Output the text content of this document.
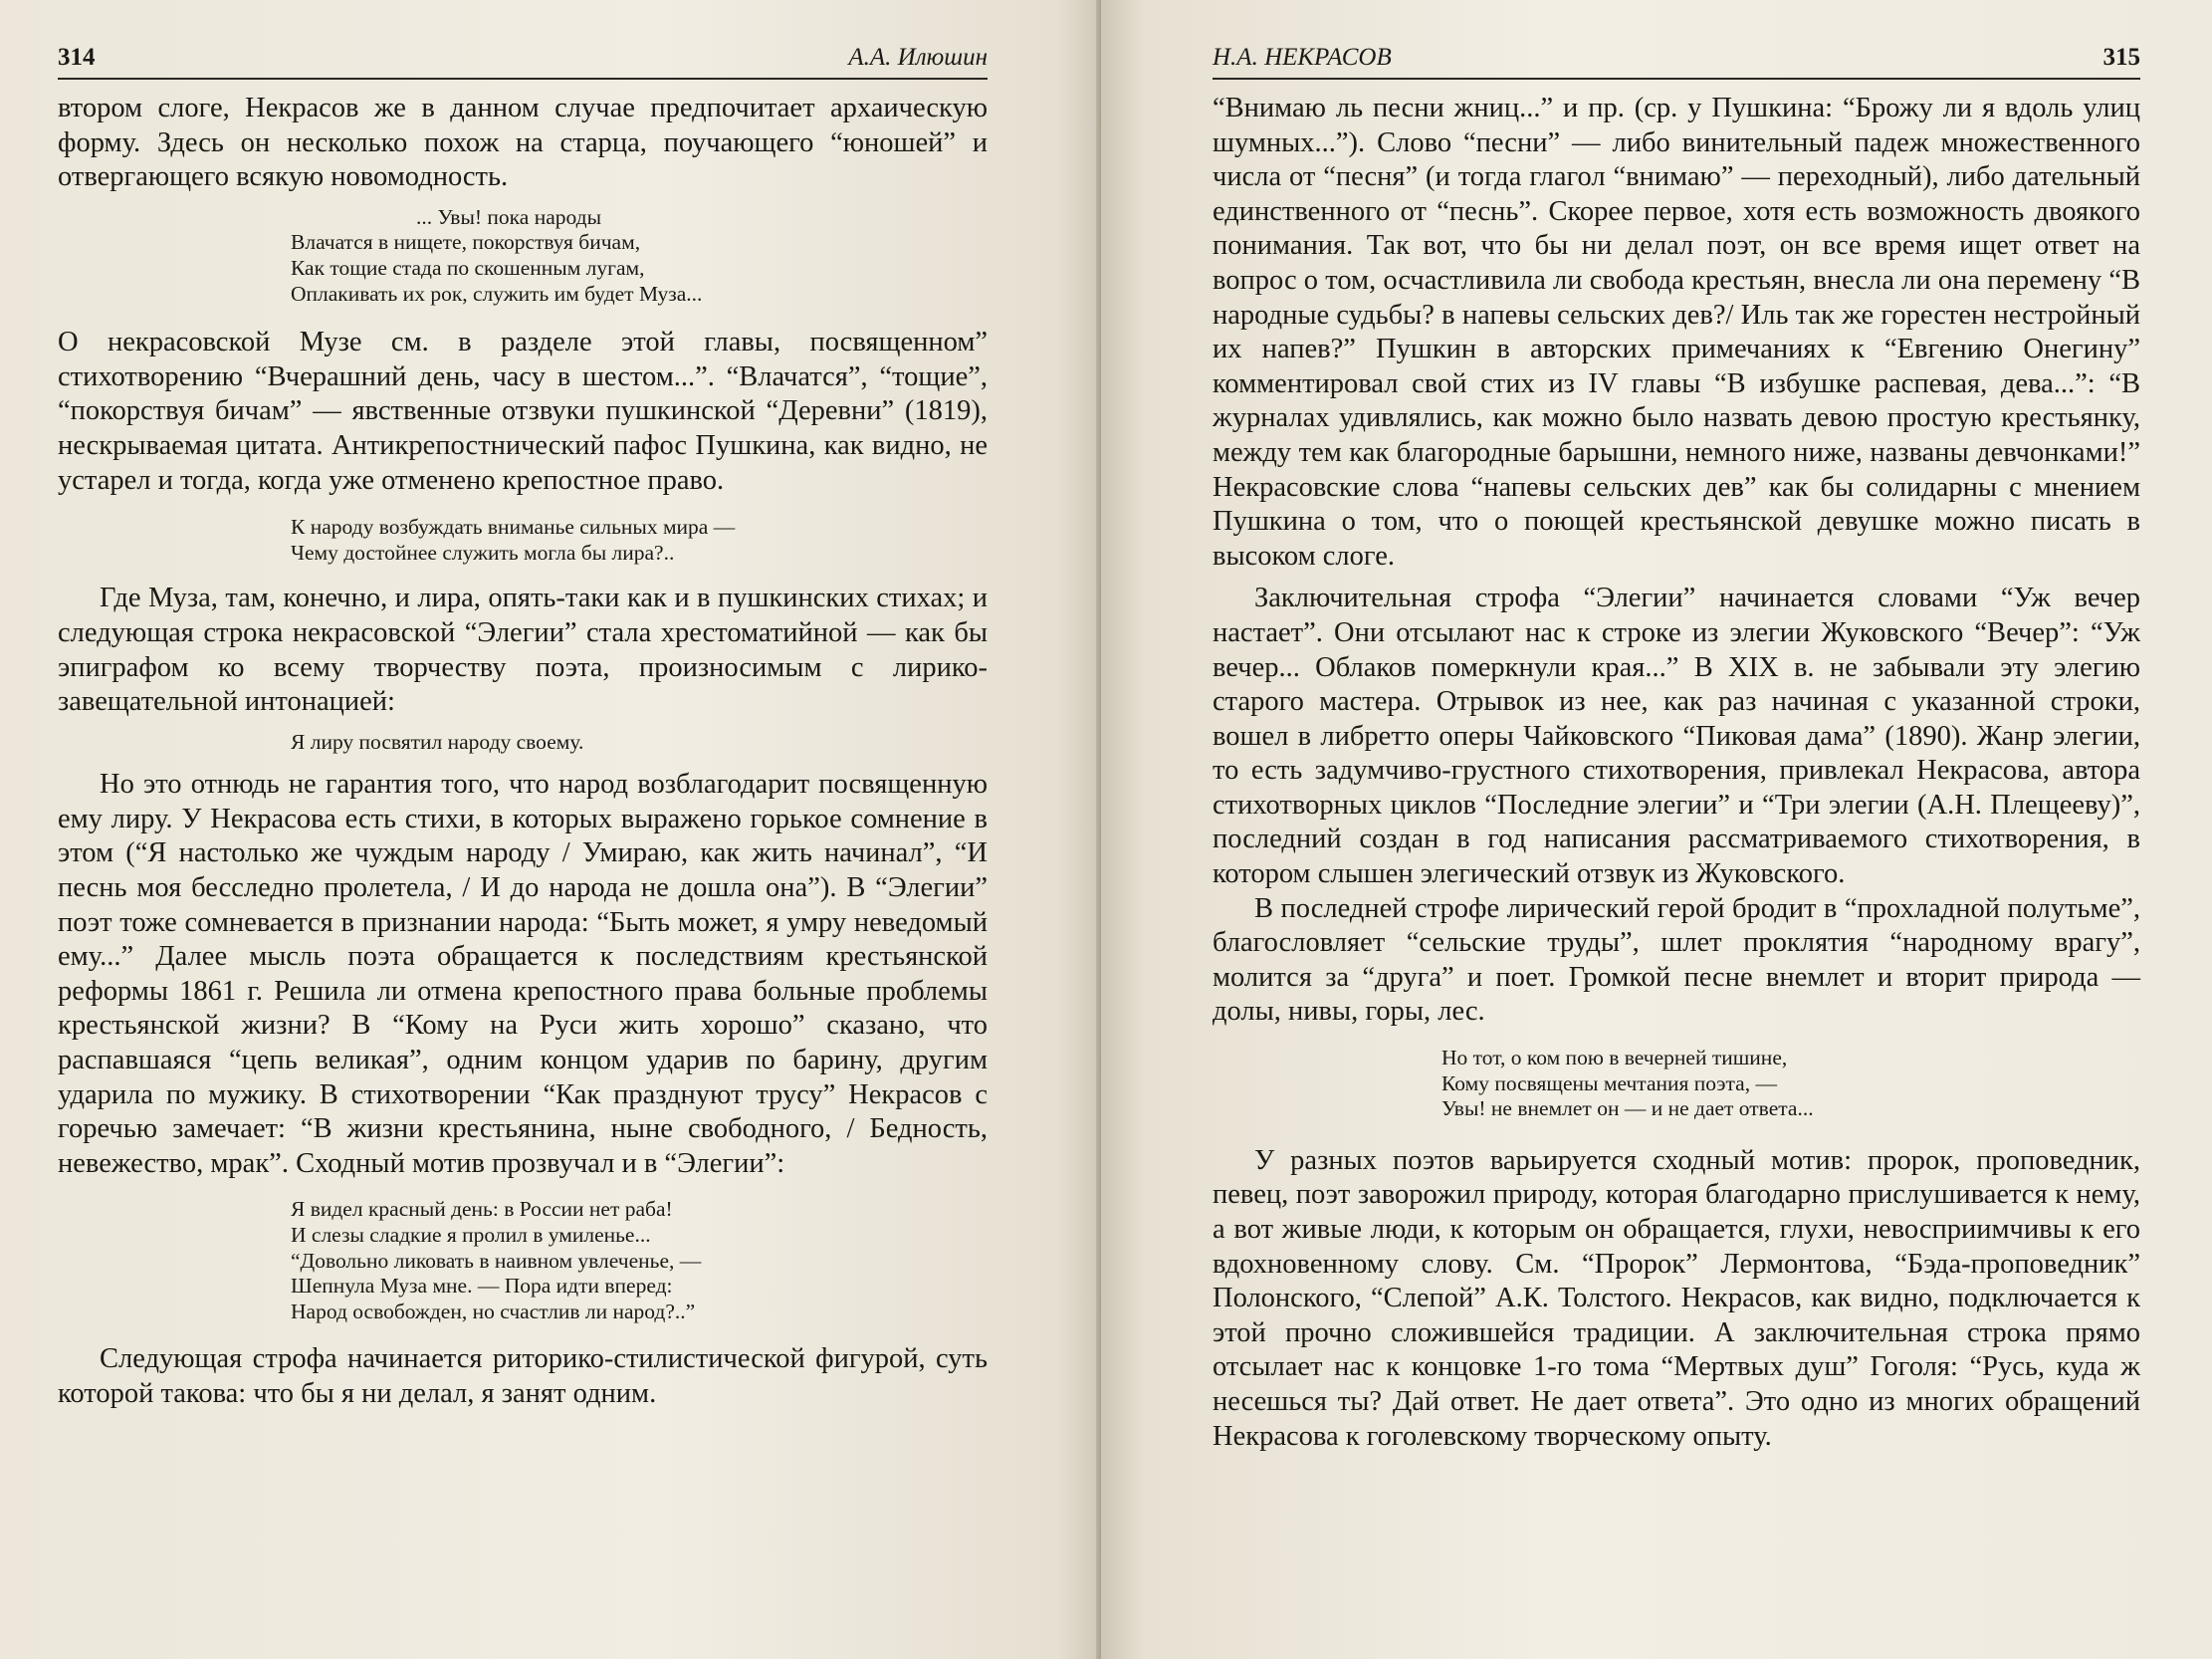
314	А.А. Илюшин

втором слоге, Некрасов же в данном случае предпочитает архаическую форму. Здесь он несколько похож на старца, поучающего “юношей” и отвергающего всякую новомодность.

... Увы! пока народы
Влачатся в нищете, покорствуя бичам,
Как тощие стада по скошенным лугам,
Оплакивать их рок, служить им будет Муза...

О некрасовской Музе см. в разделе этой главы, посвященном” стихотворению “Вчерашний день, часу в шестом...”. “Влачатся”, “тощие”, “покорствуя бичам” — явственные отзвуки пушкинской “Деревни” (1819), нескрываемая цитата. Антикрепостнический пафос Пушкина, как видно, не устарел и тогда, когда уже отменено крепостное право.

К народу возбуждать вниманье сильных мира —
Чему достойнее служить могла бы лира?..

Где Муза, там, конечно, и лира, опять-таки как и в пушкинских стихах; и следующая строка некрасовской “Элегии” стала хрестоматийной — как бы эпиграфом ко всему творчеству поэта, произносимым с лирико-завещательной интонацией:

Я лиру посвятил народу своему.

Но это отнюдь не гарантия того, что народ возблагодарит посвященную ему лиру. У Некрасова есть стихи, в которых выражено горькое сомнение в этом (“Я настолько же чуждым народу / Умираю, как жить начинал”, “И песнь моя бесследно пролетела, / И до народа не дошла она”). В “Элегии” поэт тоже сомневается в признании народа: “Быть может, я умру неведомый ему...” Далее мысль поэта обращается к последствиям крестьянской реформы 1861 г. Решила ли отмена крепостного права больные проблемы крестьянской жизни? В “Кому на Руси жить хорошо” сказано, что распавшаяся “цепь великая”, одним концом ударив по барину, другим ударила по мужику. В стихотворении “Как празднуют трусу” Некрасов с горечью замечает: “В жизни крестьянина, ныне свободного, / Бедность, невежество, мрак”. Сходный мотив прозвучал и в “Элегии”:

Я видел красный день: в России нет раба!
И слезы сладкие я пролил в умиленье...
“Довольно ликовать в наивном увлеченье, —
Шепнула Муза мне. — Пора идти вперед:
Народ освобожден, но счастлив ли народ?..”

Следующая строфа начинается риторико-стилистической фигурой, суть которой такова: что бы я ни делал, я занят одним.

Н.А. НЕКРАСОВ	315

“Внимаю ль песни жниц...” и пр. (ср. у Пушкина: “Брожу ли я вдоль улиц шумных...”). Слово “песни” — либо винительный падеж множественного числа от “песня” (и тогда глагол “внимаю” — переходный), либо дательный единственного от “песнь”. Скорее первое, хотя есть возможность двоякого понимания. Так вот, что бы ни делал поэт, он все время ищет ответ на вопрос о том, осчастливила ли свобода крестьян, внесла ли она перемену “В народные судьбы? в напевы сельских дев?/ Иль так же горестен нестройный их напев?” Пушкин в авторских примечаниях к “Евгению Онегину” комментировал свой стих из IV главы “В избушке распевая, дева...”: “В журналах удивлялись, как можно было назвать девою простую крестьянку, между тем как благородные барышни, немного ниже, названы девчонками!” Некрасовские слова “напевы сельских дев” как бы солидарны с мнением Пушкина о том, что о поющей крестьянской девушке можно писать в высоком слоге.

Заключительная строфа “Элегии” начинается словами “Уж вечер настает”. Они отсылают нас к строке из элегии Жуковского “Вечер”: “Уж вечер... Облаков померкнули края...” В XIX в. не забывали эту элегию старого мастера. Отрывок из нее, как раз начиная с указанной строки, вошел в либретто оперы Чайковского “Пиковая дама” (1890). Жанр элегии, то есть задумчиво-грустного стихотворения, привлекал Некрасова, автора стихотворных циклов “Последние элегии” и “Три элегии (А.Н. Плещееву)”, последний создан в год написания рассматриваемого стихотворения, в котором слышен элегический отзвук из Жуковского.

В последней строфе лирический герой бродит в “прохладной полутьме”, благословляет “сельские труды”, шлет проклятия “народному врагу”, молится за “друга” и поет. Громкой песне внемлет и вторит природа — долы, нивы, горы, лес.

Но тот, о ком пою в вечерней тишине,
Кому посвящены мечтания поэта, —
Увы! не внемлет он — и не дает ответа...

У разных поэтов варьируется сходный мотив: пророк, проповедник, певец, поэт заворожил природу, которая благодарно прислушивается к нему, а вот живые люди, к которым он обращается, глухи, невосприимчивы к его вдохновенному слову. См. “Пророк” Лермонтова, “Бэда-проповедник” Полонского, “Слепой” А.К. Толстого. Некрасов, как видно, подключается к этой прочно сложившейся традиции. А заключительная строка прямо отсылает нас к концовке 1-го тома “Мертвых душ” Гоголя: “Русь, куда ж несешься ты? Дай ответ. Не дает ответа”. Это одно из многих обращений Некрасова к гоголевскому творческому опыту.
